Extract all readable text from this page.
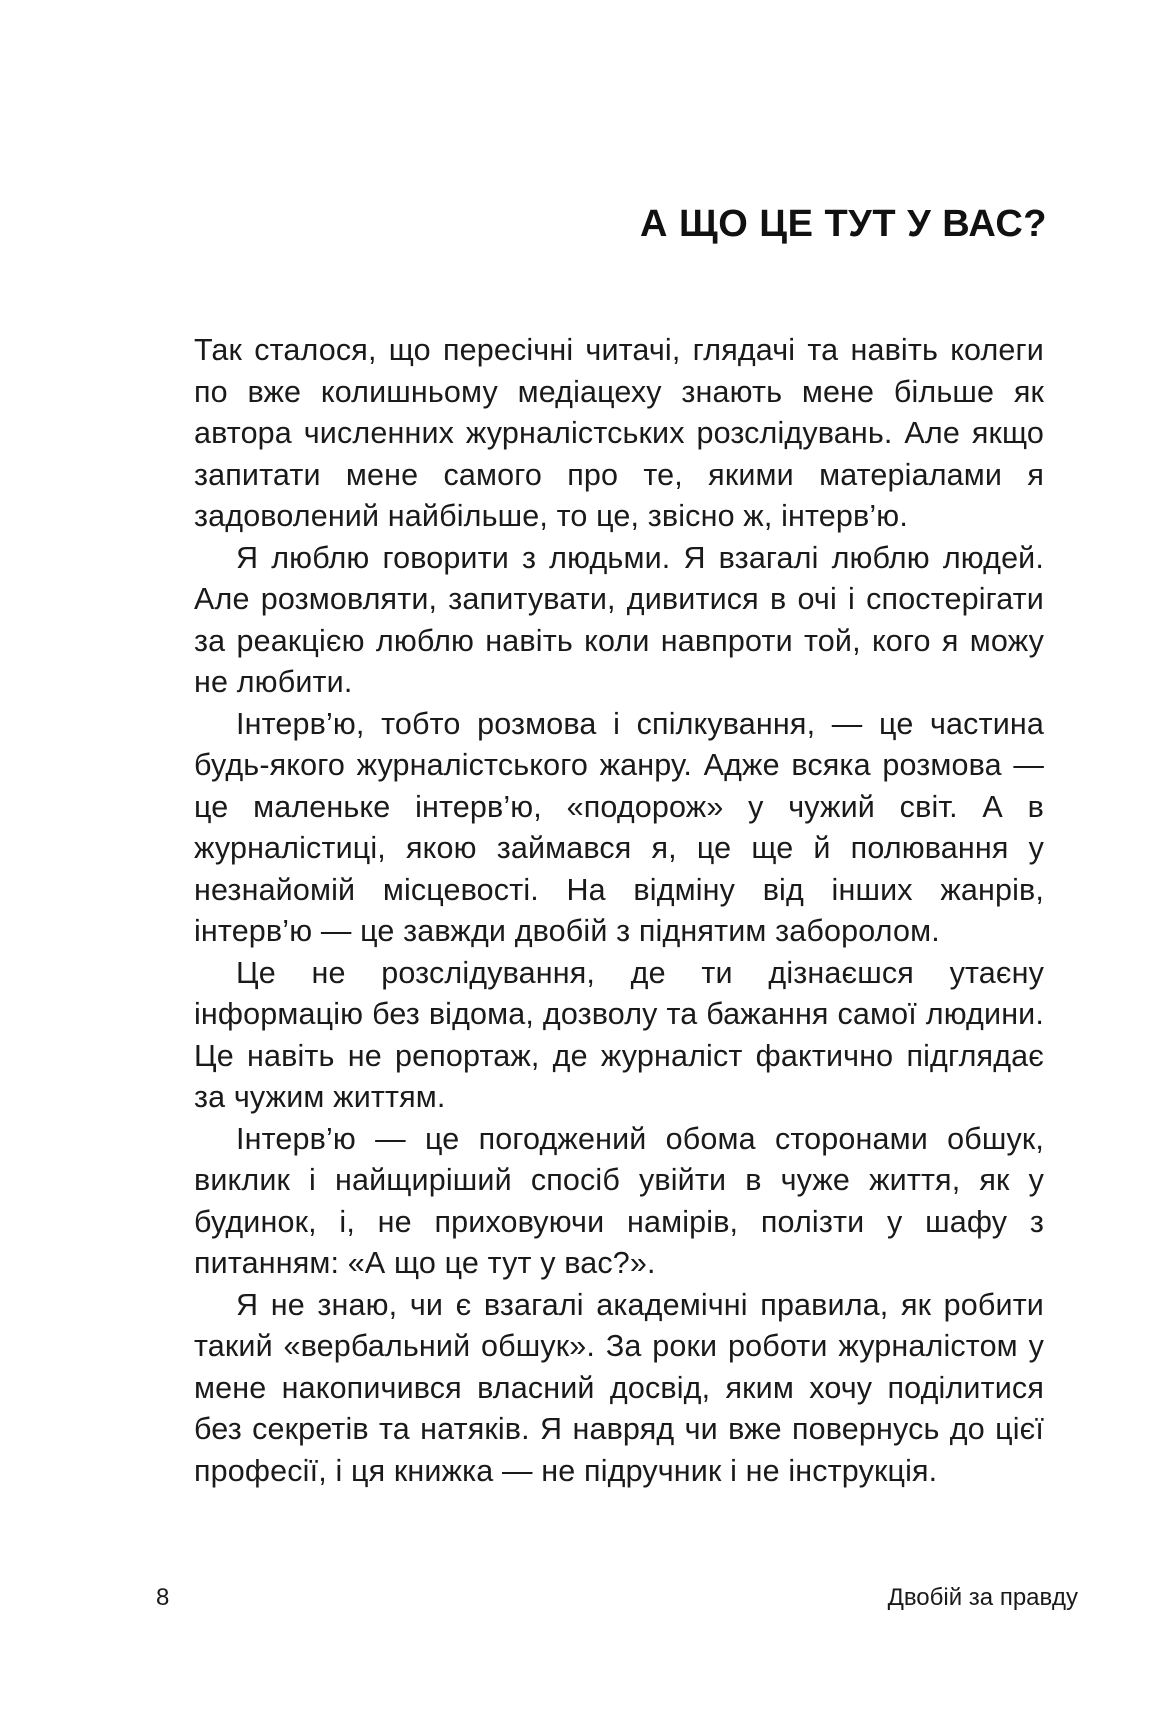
А ЩО ЦЕ ТУТ У ВАС?

Так сталося, що пересічні читачі, глядачі та навіть колеги по вже колишньому медіацеху знають мене більше як автора численних журналістських розслідувань. Але якщо запитати мене самого про те, якими матеріалами я задоволений найбільше, то це, звісно ж, інтерв’ю.

Я люблю говорити з людьми. Я взагалі люблю людей. Але розмовляти, запитувати, дивитися в очі і спостерігати за реакцією люблю навіть коли навпроти той, кого я можу не любити.

Інтерв’ю, тобто розмова і спілкування, — це частина будь-якого журналістського жанру. Адже всяка розмова — це маленьке інтерв’ю, «подорож» у чужий світ. А в журналістиці, якою займався я, це ще й полювання у незнайомій місцевості. На відміну від інших жанрів, інтерв’ю — це завжди двобій з піднятим заборолом.

Це не розслідування, де ти дізнаєшся утаєну інформацію без відома, дозволу та бажання самої людини. Це навіть не репортаж, де журналіст фактично підглядає за чужим життям.

Інтерв’ю — це погоджений обома сторонами обшук, виклик і найщиріший спосіб увійти в чуже життя, як у будинок, і, не приховуючи намірів, полізти у шафу з питанням: «А що це тут у вас?».

Я не знаю, чи є взагалі академічні правила, як робити такий «вербальний обшук». За роки роботи журналістом у мене накопичився власний досвід, яким хочу поділитися без секретів та натяків. Я навряд чи вже повернусь до цієї професії, і ця книжка — не підручник і не інструкція.

8	Двобій за правду
